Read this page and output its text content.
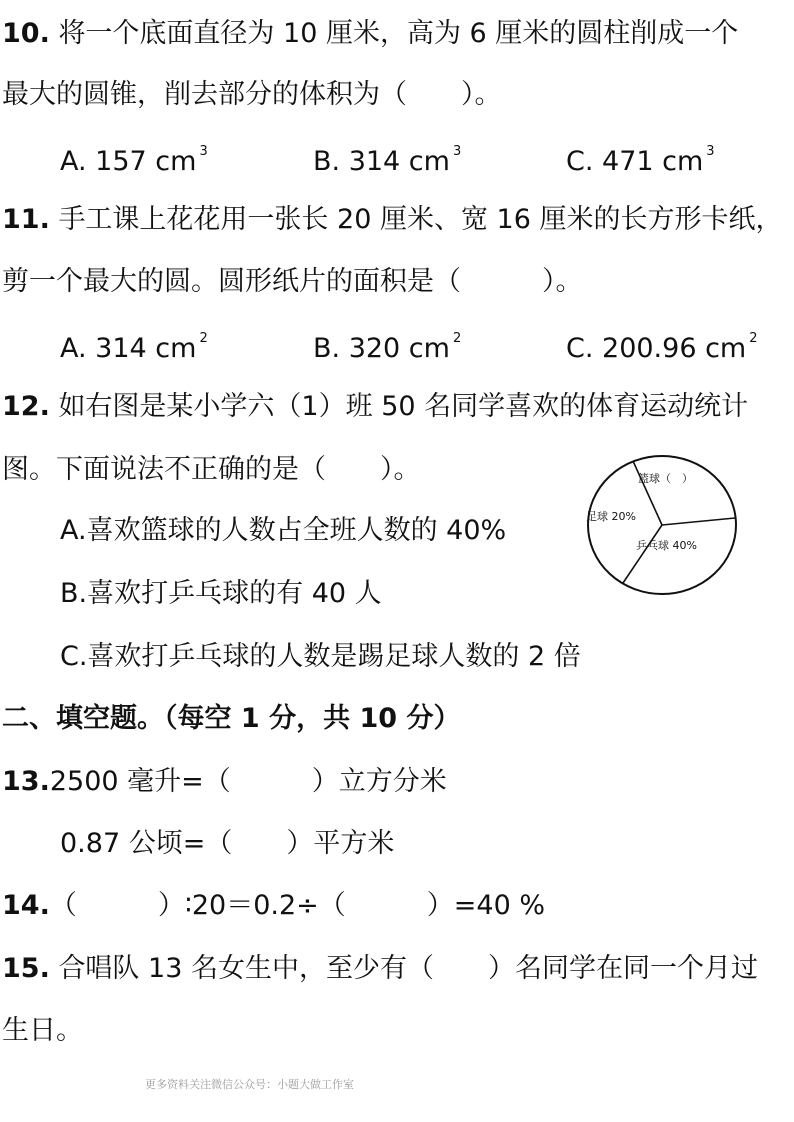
10. 将一个底面直径为 10 厘米，高为 6 厘米的圆柱削成一个
最大的圆锥，削去部分的体积为（　　）。
A. 157 cm $^3$	B. 314 cm $^3$	C. 471 cm $^3$
11. 手工课上花花用一张长 20 厘米、宽 16 厘米的长方形卡纸，
剪一个最大的圆。圆形纸片的面积是（　　　）。
A. 314 cm $^2$	B. 320 cm $^2$	C. 200.96 cm $^2$
12. 如右图是某小学六（1）班 50 名同学喜欢的体育运动统计
图。下面说法不正确的是（　　）。
A.喜欢篮球的人数占全班人数的 40%
B.喜欢打乒乓球的有 40 人
C.喜欢打乒乓球的人数是踢足球人数的 2 倍
篮球（　）
足球 20%
乒乓球 40%
二、填空题。（每空 1 分，共 10 分）
13.2500 毫升=（　　　）立方分米
0.87 公顷=（　　）平方米
14.（　　　）∶20＝0.2÷（　　　）=40 %
15. 合唱队 13 名女生中，至少有（　　）名同学在同一个月过
生日。
更多资料关注微信公众号：小题大做工作室
